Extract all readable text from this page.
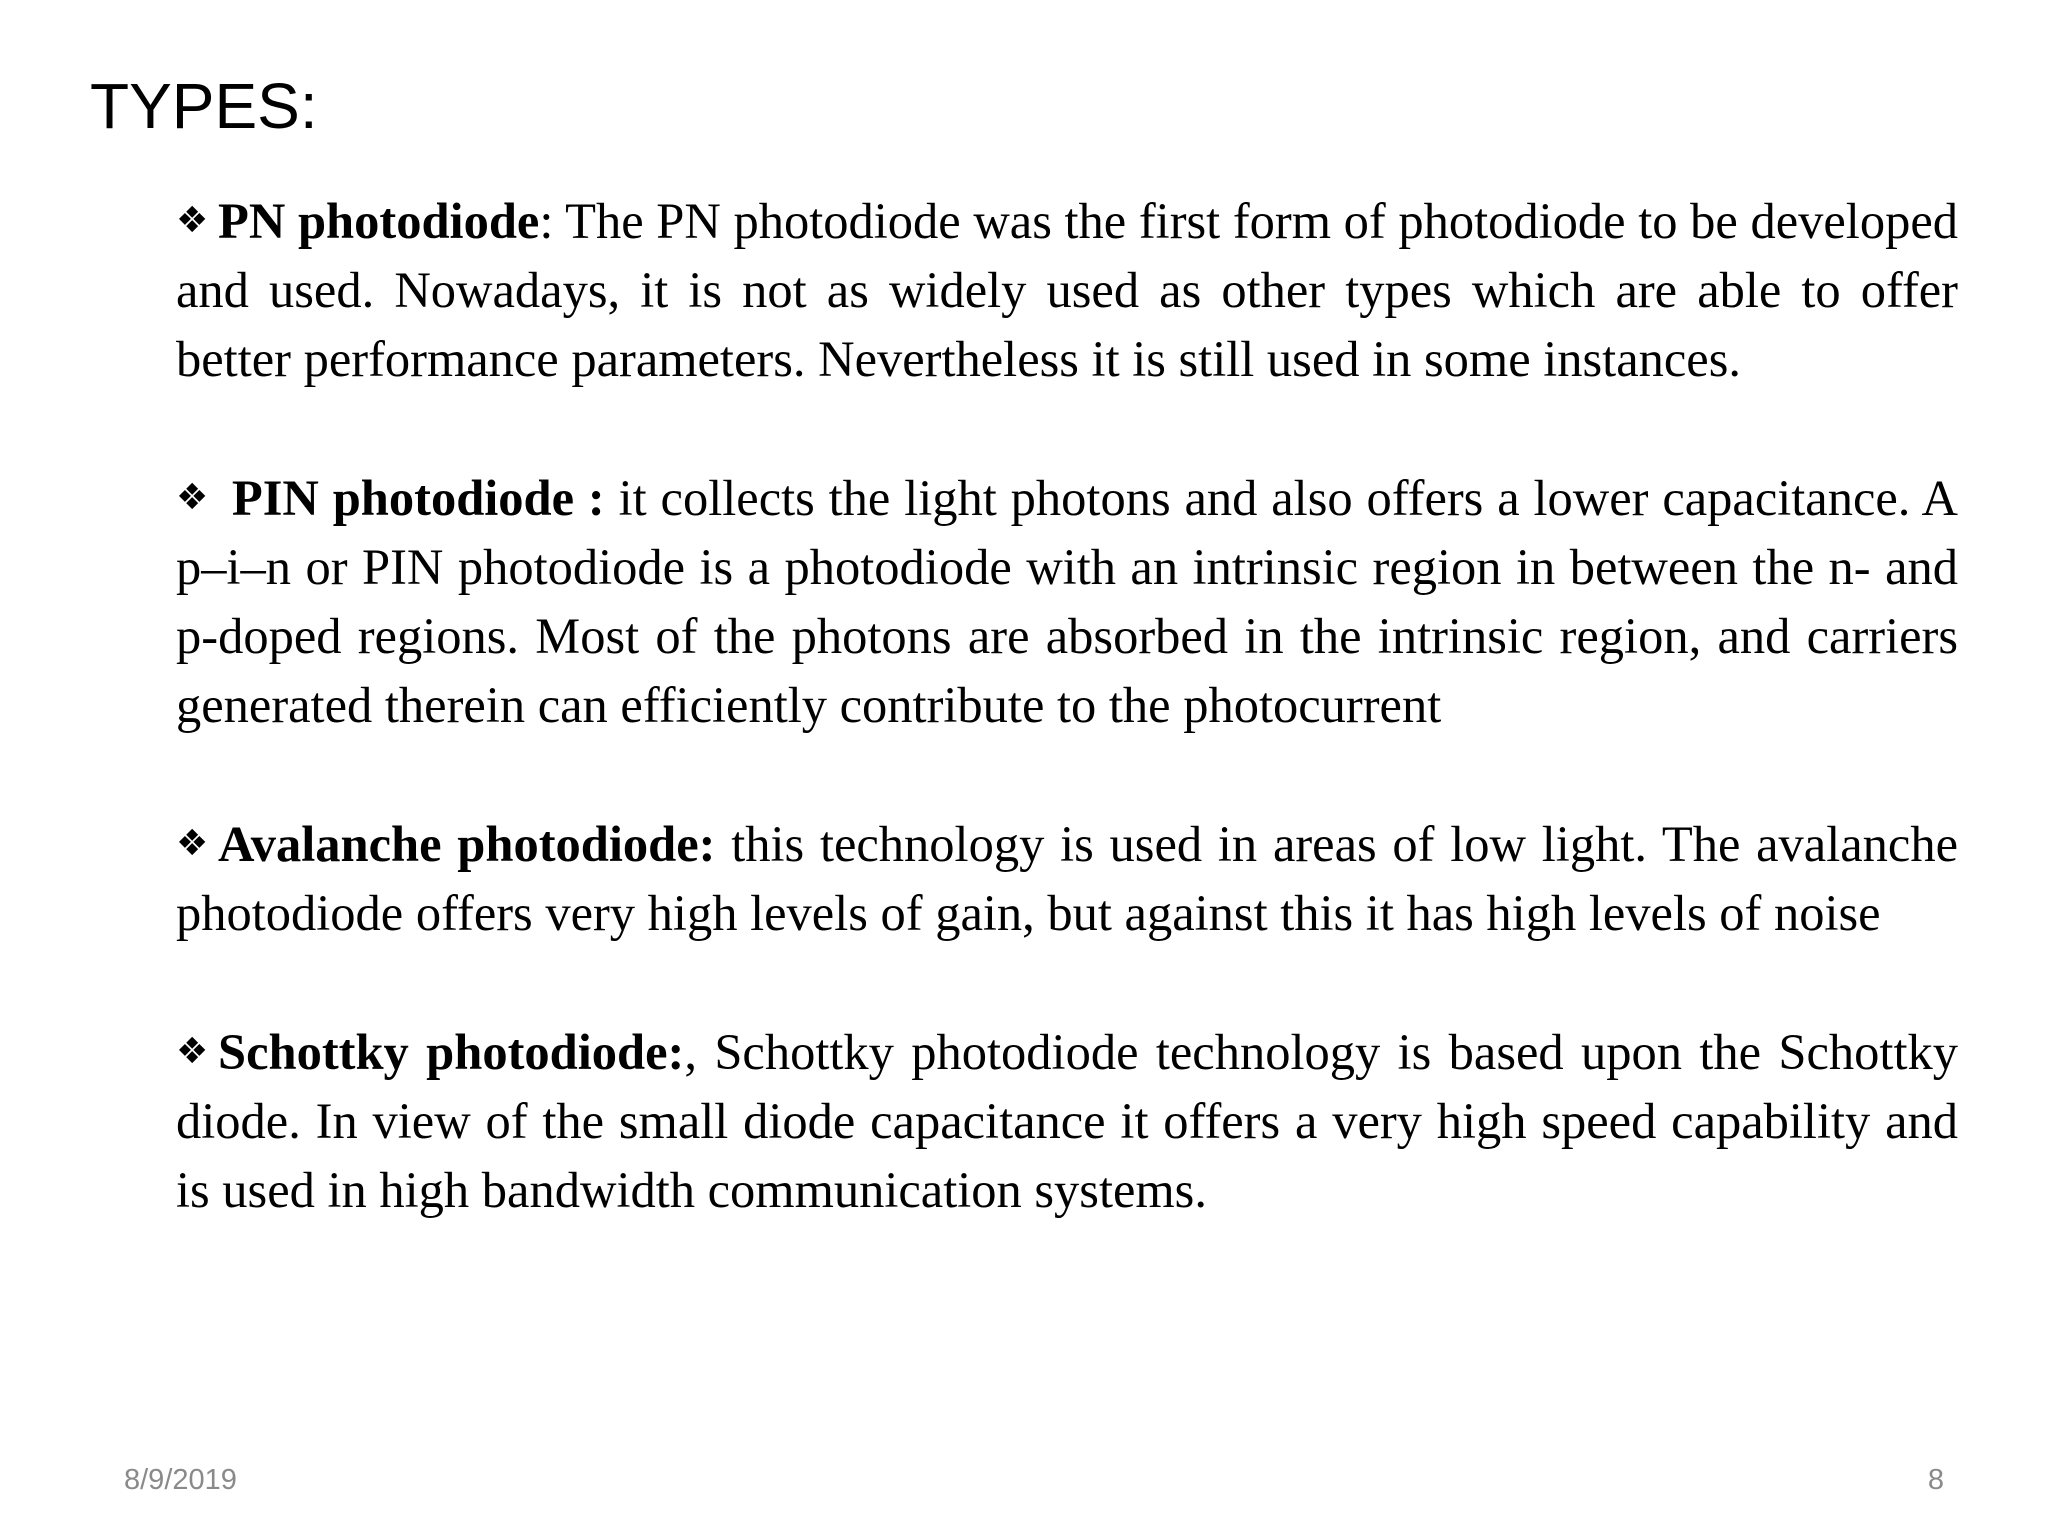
TYPES:

❖ PN photodiode: The PN photodiode was the first form of photodiode to be developed and used. Nowadays, it is not as widely used as other types which are able to offer better performance parameters. Nevertheless it is still used in some instances.

❖ PIN photodiode : it collects the light photons and also offers a lower capacitance. A p–i–n or PIN photodiode is a photodiode with an intrinsic region in between the n- and p-doped regions. Most of the photons are absorbed in the intrinsic region, and carriers generated therein can efficiently contribute to the photocurrent

❖ Avalanche photodiode: this technology is used in areas of low light. The avalanche photodiode offers very high levels of gain, but against this it has high levels of noise

❖ Schottky photodiode:, Schottky photodiode technology is based upon the Schottky diode. In view of the small diode capacitance it offers a very high speed capability and is used in high bandwidth communication systems.

8/9/2019	8
